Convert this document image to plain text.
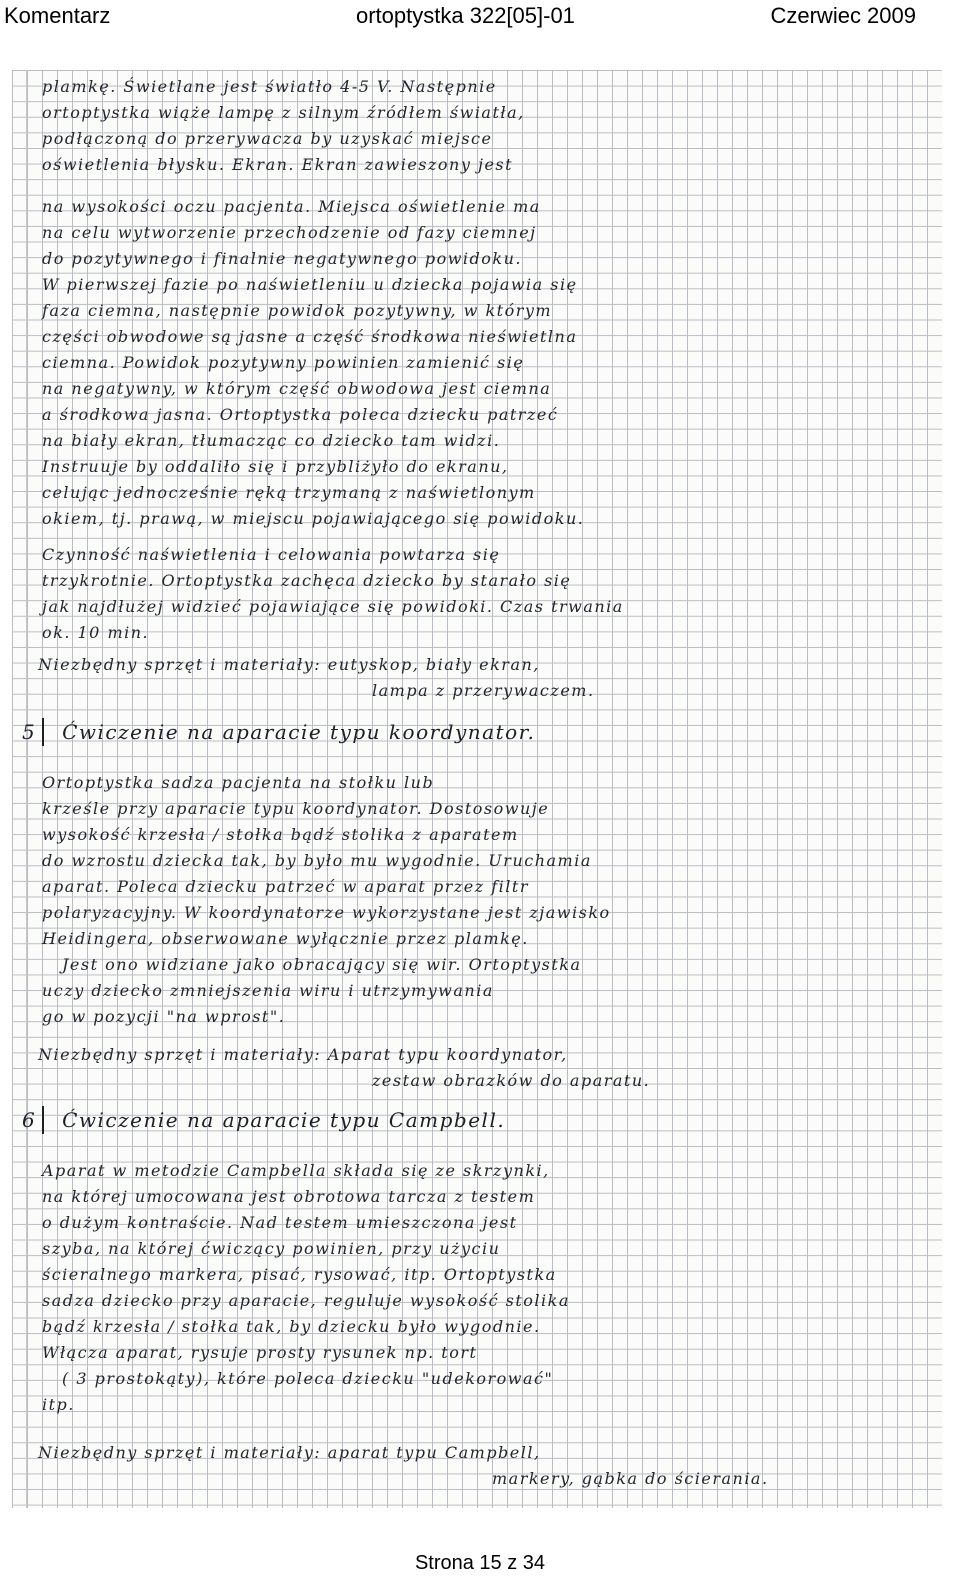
Komentarz	ortoptystka 322[05]-01	Czerwiec 2009
plamkę. Świetlane jest światło 4-5 V. Następnie
ortoptystka wiąże lampę z silnym źródłem światła,
podłączoną do przerywacza by uzyskać miejsce
oświetlenia błysku. Ekran. Ekran zawieszony jest
na wysokości oczu pacjenta. Miejsca oświetlenie ma
na celu wytworzenie przechodzenie od fazy ciemnej
do pozytywnego i finalnie negatywnego powidoku.
W pierwszej fazie po naświetleniu u dziecka pojawia się
faza ciemna, następnie powidok pozytywny, w którym
części obwodowe są jasne a część środkowa nieświetlna
ciemna. Powidok pozytywny powinien zamienić się
na negatywny, w którym część obwodowa jest ciemna
a środkowa jasna. Ortoptystka poleca dziecku patrzeć
na biały ekran, tłumacząc co dziecko tam widzi.
Instruuje by oddaliło się i przybliżyło do ekranu,
celując jednocześnie ręką trzymaną z naświetlonym
okiem, tj. prawą, w miejscu pojawiającego się powidoku.
Czynność naświetlenia i celowania powtarza się
trzykrotnie. Ortoptystka zachęca dziecko by starało się
jak najdłużej widzieć pojawiające się powidoki. Czas trwania
ok. 10 min.
Niezbędny sprzęt i materiały: eutyskop, biały ekran,
lampa z przerywaczem.
5 Ćwiczenie na aparacie typu koordynator.
Ortoptystka sadza pacjenta na stołku lub
krześle przy aparacie typu koordynator. Dostosowuje
wysokość krzesła / stołka bądź stolika z aparatem
do wzrostu dziecka tak, by było mu wygodnie. Uruchamia
aparat. Poleca dziecku patrzeć w aparat przez filtr
polaryzacyjny. W koordynatorze wykorzystane jest zjawisko
Heidingera, obserwowane wyłącznie przez plamkę.
Jest ono widziane jako obracający się wir. Ortoptystka
uczy dziecko zmniejszenia wiru i utrzymywania
go w pozycji "na wprost".
Niezbędny sprzęt i materiały: Aparat typu koordynator,
zestaw obrazków do aparatu.
6 Ćwiczenie na aparacie typu Campbell.
Aparat w metodzie Campbella składa się ze skrzynki,
na której umocowana jest obrotowa tarcza z testem
o dużym kontraście. Nad testem umieszczona jest
szyba, na której ćwiczący powinien, przy użyciu
ścieralnego markera, pisać, rysować, itp. Ortoptystka
sadza dziecko przy aparacie, reguluje wysokość stolika
bądź krzesła / stołka tak, by dziecku było wygodnie.
Włącza aparat, rysuje prosty rysunek np. tort
( 3 prostokąty), które poleca dziecku "udekorować"
itp.
Niezbędny sprzęt i materiały: aparat typu Campbell,
markery, gąbka do ścierania.
Strona 15 z 34
